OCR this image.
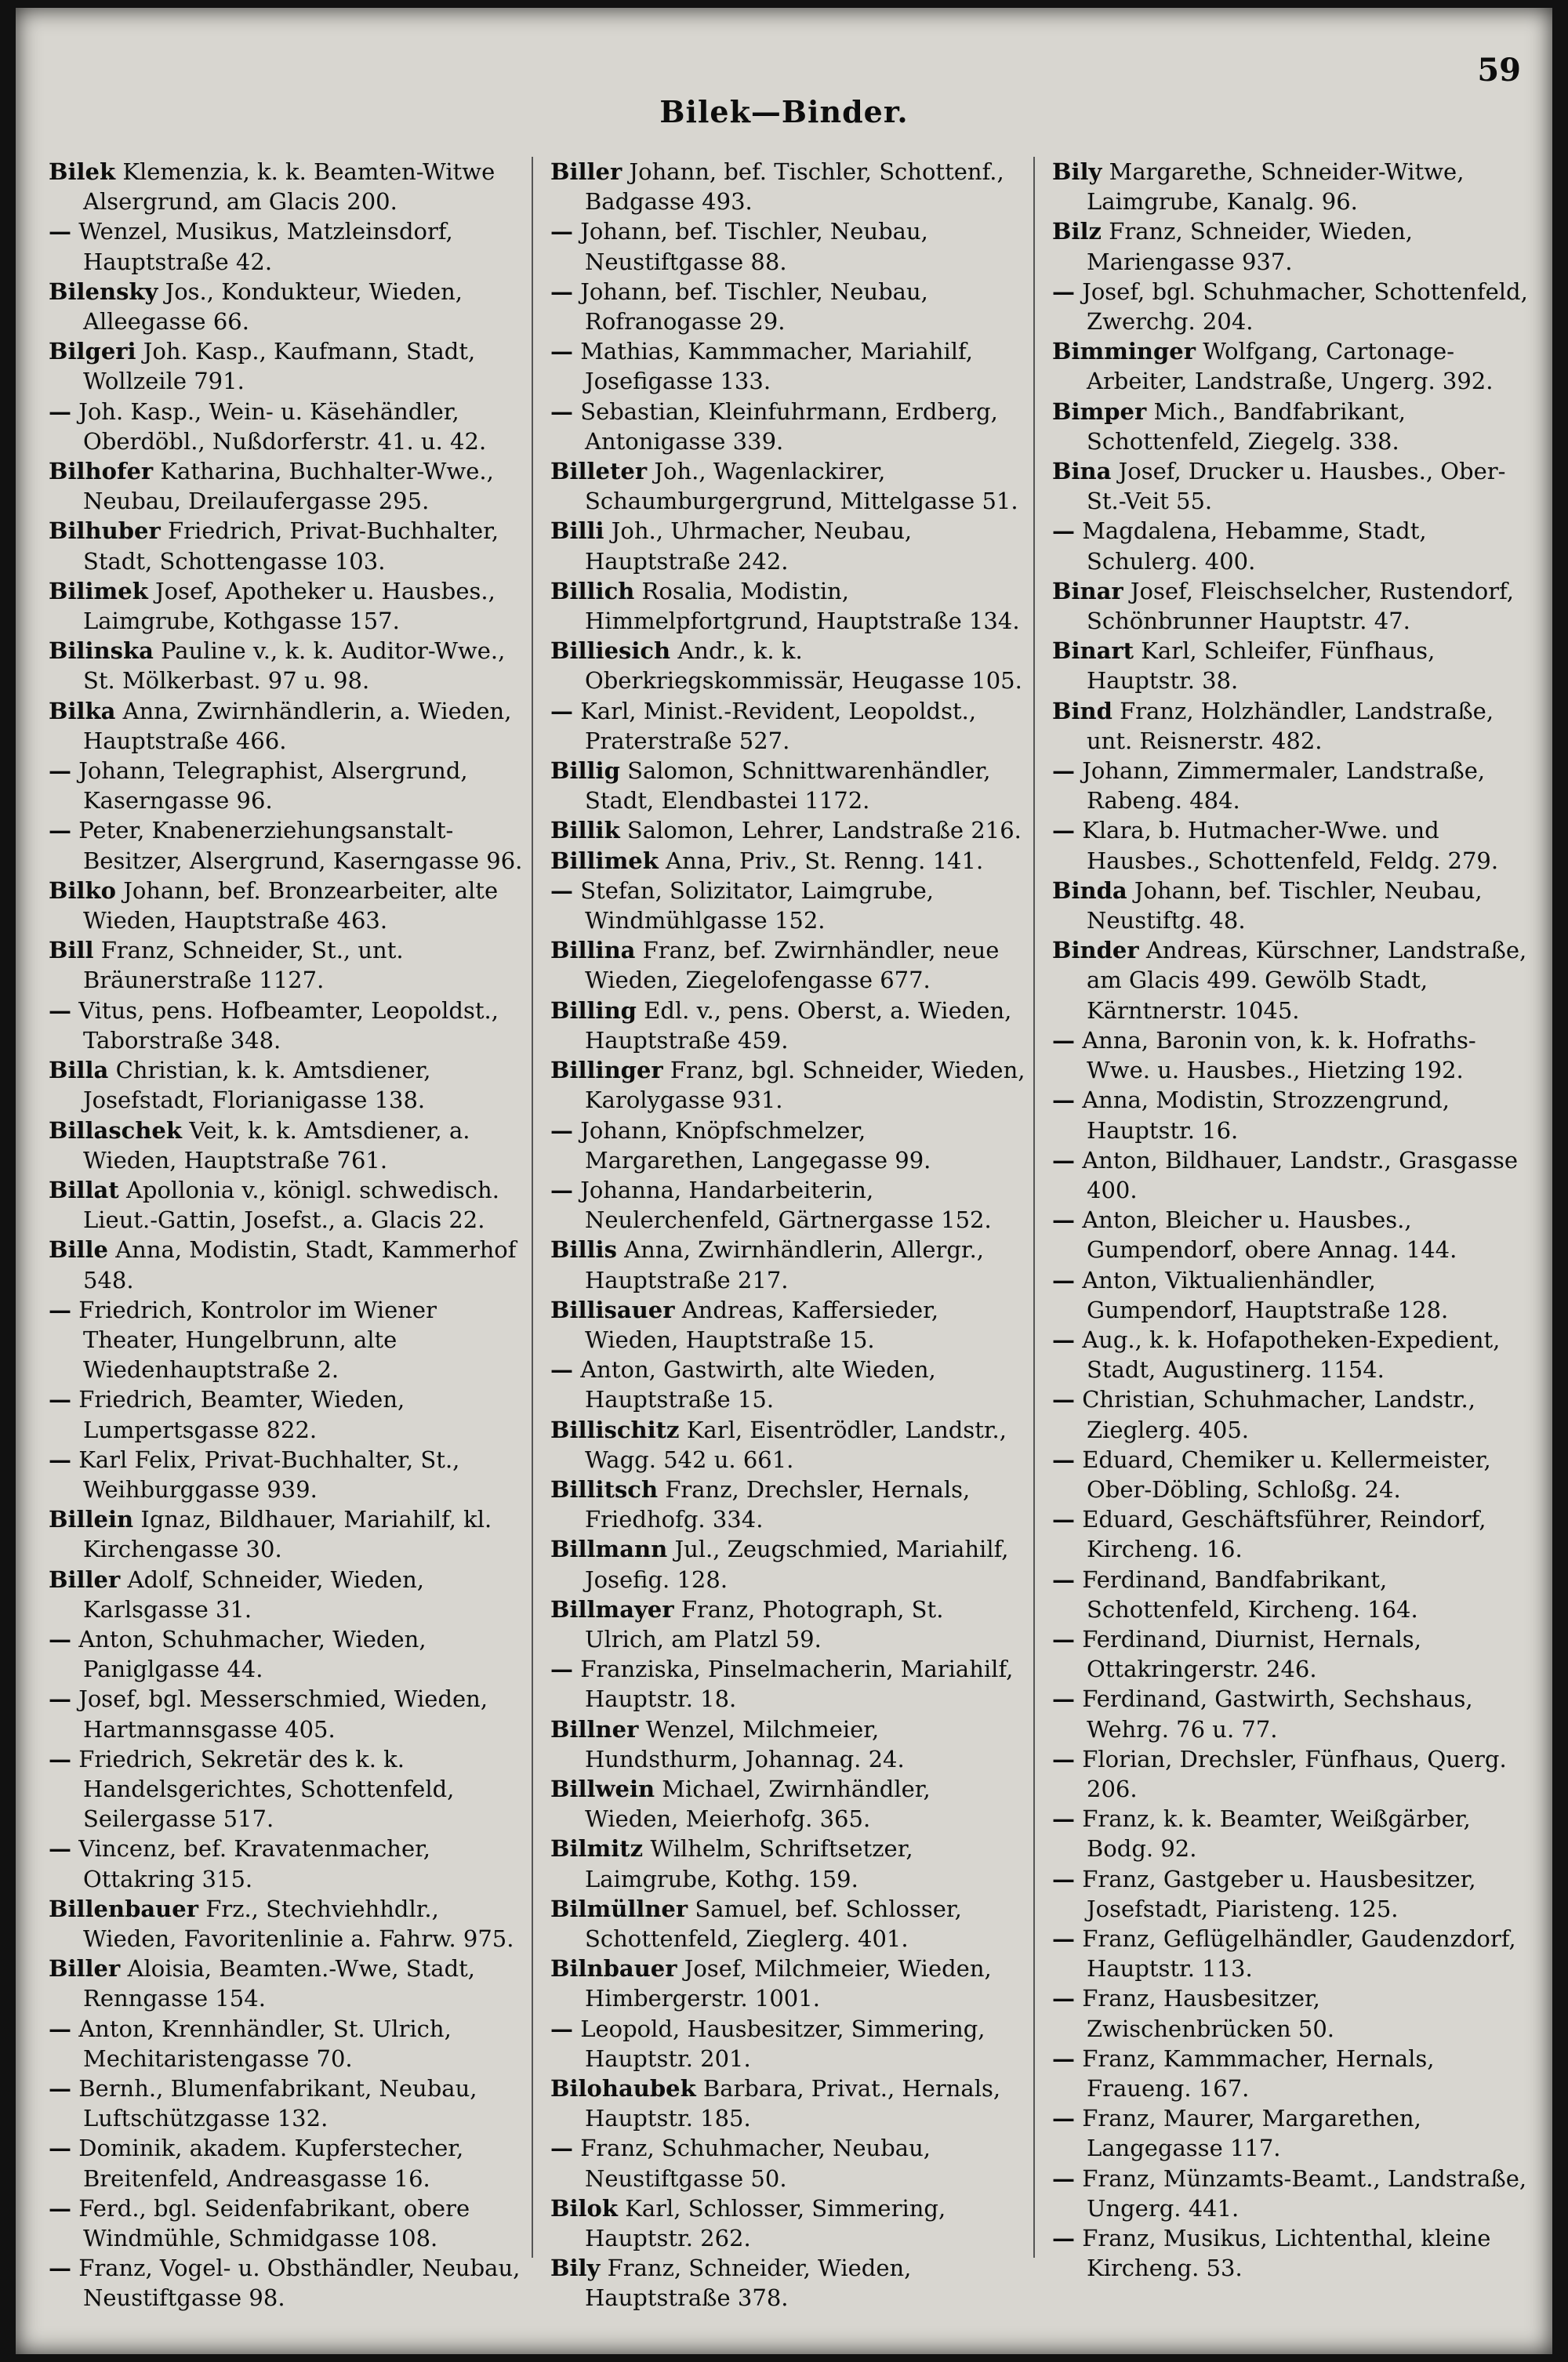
Bilek—Binder.
59

Bilek Klemenzia, k. k. Beamten-Witwe Alsergrund, am Glacis 200.

— Wenzel, Musikus, Matzleinsdorf, Hauptstraße 42.

Bilensky Jos., Kondukteur, Wieden, Alleegasse 66.

Bilgeri Joh. Kasp., Kaufmann, Stadt, Wollzeile 791.

— Joh. Kasp., Wein- u. Käsehändler, Oberdöbl., Nußdorferstr. 41. u. 42.

Bilhofer Katharina, Buchhalter-Wwe., Neubau, Dreilaufergasse 295.

Bilhuber Friedrich, Privat-Buchhalter, Stadt, Schottengasse 103.

Bilimek Josef, Apotheker u. Hausbes., Laimgrube, Kothgasse 157.

Bilinska Pauline v., k. k. Auditor-Wwe., St. Mölkerbast. 97 u. 98.

Bilka Anna, Zwirnhändlerin, a. Wieden, Hauptstraße 466.

— Johann, Telegraphist, Alsergrund, Kaserngasse 96.

— Peter, Knabenerziehungsanstalt-Besitzer, Alsergrund, Kaserngasse 96.

Bilko Johann, bef. Bronzearbeiter, alte Wieden, Hauptstraße 463.

Bill Franz, Schneider, St., unt. Bräunerstraße 1127.

— Vitus, pens. Hofbeamter, Leopoldst., Taborstraße 348.

Billa Christian, k. k. Amtsdiener, Josefstadt, Florianigasse 138.

Billaschek Veit, k. k. Amtsdiener, a. Wieden, Hauptstraße 761.

Billat Apollonia v., königl. schwedisch. Lieut.-Gattin, Josefst., a. Glacis 22.

Bille Anna, Modistin, Stadt, Kammerhof 548.

— Friedrich, Kontrolor im Wiener Theater, Hungelbrunn, alte Wiedenhauptstraße 2.

— Friedrich, Beamter, Wieden, Lumpertsgasse 822.

— Karl Felix, Privat-Buchhalter, St., Weihburggasse 939.

Billein Ignaz, Bildhauer, Mariahilf, kl. Kirchengasse 30.

Biller Adolf, Schneider, Wieden, Karlsgasse 31.

— Anton, Schuhmacher, Wieden, Paniglgasse 44.

— Josef, bgl. Messerschmied, Wieden, Hartmannsgasse 405.

— Friedrich, Sekretär des k. k. Handelsgerichtes, Schottenfeld, Seilergasse 517.

— Vincenz, bef. Kravatenmacher, Ottakring 315.

Billenbauer Frz., Stechviehhdlr., Wieden, Favoritenlinie a. Fahrw. 975.

Biller Aloisia, Beamten.-Wwe, Stadt, Renngasse 154.

— Anton, Krennhändler, St. Ulrich, Mechitaristengasse 70.

— Bernh., Blumenfabrikant, Neubau, Luftschützgasse 132.

— Dominik, akadem. Kupferstecher, Breitenfeld, Andreasgasse 16.

— Ferd., bgl. Seidenfabrikant, obere Windmühle, Schmidgasse 108.

— Franz, Vogel- u. Obsthändler, Neubau, Neustiftgasse 98.

Biller Johann, bef. Tischler, Schottenf., Badgasse 493.

— Johann, bef. Tischler, Neubau, Neustiftgasse 88.

— Johann, bef. Tischler, Neubau, Rofranogasse 29.

— Mathias, Kammmacher, Mariahilf, Josefigasse 133.

— Sebastian, Kleinfuhrmann, Erdberg, Antonigasse 339.

Billeter Joh., Wagenlackirer, Schaumburgergrund, Mittelgasse 51.

Billi Joh., Uhrmacher, Neubau, Hauptstraße 242.

Billich Rosalia, Modistin, Himmelpfortgrund, Hauptstraße 134.

Billiesich Andr., k. k. Oberkriegskommissär, Heugasse 105.

— Karl, Minist.-Revident, Leopoldst., Praterstraße 527.

Billig Salomon, Schnittwarenhändler, Stadt, Elendbastei 1172.

Billik Salomon, Lehrer, Landstraße 216.

Billimek Anna, Priv., St. Renng. 141.

— Stefan, Solizitator, Laimgrube, Windmühlgasse 152.

Billina Franz, bef. Zwirnhändler, neue Wieden, Ziegelofengasse 677.

Billing Edl. v., pens. Oberst, a. Wieden, Hauptstraße 459.

Billinger Franz, bgl. Schneider, Wieden, Karolygasse 931.

— Johann, Knöpfschmelzer, Margarethen, Langegasse 99.

— Johanna, Handarbeiterin, Neulerchenfeld, Gärtnergasse 152.

Billis Anna, Zwirnhändlerin, Allergr., Hauptstraße 217.

Billisauer Andreas, Kaffersieder, Wieden, Hauptstraße 15.

— Anton, Gastwirth, alte Wieden, Hauptstraße 15.

Billischitz Karl, Eisentrödler, Landstr., Wagg. 542 u. 661.

Billitsch Franz, Drechsler, Hernals, Friedhofg. 334.

Billmann Jul., Zeugschmied, Mariahilf, Josefig. 128.

Billmayer Franz, Photograph, St. Ulrich, am Platzl 59.

— Franziska, Pinselmacherin, Mariahilf, Hauptstr. 18.

Billner Wenzel, Milchmeier, Hundsthurm, Johannag. 24.

Billwein Michael, Zwirnhändler, Wieden, Meierhofg. 365.

Bilmitz Wilhelm, Schriftsetzer, Laimgrube, Kothg. 159.

Bilmüllner Samuel, bef. Schlosser, Schottenfeld, Zieglerg. 401.

Bilnbauer Josef, Milchmeier, Wieden, Himbergerstr. 1001.

— Leopold, Hausbesitzer, Simmering, Hauptstr. 201.

Bilohaubek Barbara, Privat., Hernals, Hauptstr. 185.

— Franz, Schuhmacher, Neubau, Neustiftgasse 50.

Bilok Karl, Schlosser, Simmering, Hauptstr. 262.

Bily Franz, Schneider, Wieden, Hauptstraße 378.

Bily Margarethe, Schneider-Witwe, Laimgrube, Kanalg. 96.

Bilz Franz, Schneider, Wieden, Mariengasse 937.

— Josef, bgl. Schuhmacher, Schottenfeld, Zwerchg. 204.

Bimminger Wolfgang, Cartonage-Arbeiter, Landstraße, Ungerg. 392.

Bimper Mich., Bandfabrikant, Schottenfeld, Ziegelg. 338.

Bina Josef, Drucker u. Hausbes., Ober-St.-Veit 55.

— Magdalena, Hebamme, Stadt, Schulerg. 400.

Binar Josef, Fleischselcher, Rustendorf, Schönbrunner Hauptstr. 47.

Binart Karl, Schleifer, Fünfhaus, Hauptstr. 38.

Bind Franz, Holzhändler, Landstraße, unt. Reisnerstr. 482.

— Johann, Zimmermaler, Landstraße, Rabeng. 484.

— Klara, b. Hutmacher-Wwe. und Hausbes., Schottenfeld, Feldg. 279.

Binda Johann, bef. Tischler, Neubau, Neustiftg. 48.

Binder Andreas, Kürschner, Landstraße, am Glacis 499. Gewölb Stadt, Kärntnerstr. 1045.

— Anna, Baronin von, k. k. Hofraths-Wwe. u. Hausbes., Hietzing 192.

— Anna, Modistin, Strozzengrund, Hauptstr. 16.

— Anton, Bildhauer, Landstr., Grasgasse 400.

— Anton, Bleicher u. Hausbes., Gumpendorf, obere Annag. 144.

— Anton, Viktualienhändler, Gumpendorf, Hauptstraße 128.

— Aug., k. k. Hofapotheken-Expedient, Stadt, Augustinerg. 1154.

— Christian, Schuhmacher, Landstr., Zieglerg. 405.

— Eduard, Chemiker u. Kellermeister, Ober-Döbling, Schloßg. 24.

— Eduard, Geschäftsführer, Reindorf, Kircheng. 16.

— Ferdinand, Bandfabrikant, Schottenfeld, Kircheng. 164.

— Ferdinand, Diurnist, Hernals, Ottakringerstr. 246.

— Ferdinand, Gastwirth, Sechshaus, Wehrg. 76 u. 77.

— Florian, Drechsler, Fünfhaus, Querg. 206.

— Franz, k. k. Beamter, Weißgärber, Bodg. 92.

— Franz, Gastgeber u. Hausbesitzer, Josefstadt, Piaristeng. 125.

— Franz, Geflügelhändler, Gaudenzdorf, Hauptstr. 113.

— Franz, Hausbesitzer, Zwischenbrücken 50.

— Franz, Kammmacher, Hernals, Fraueng. 167.

— Franz, Maurer, Margarethen, Langegasse 117.

— Franz, Münzamts-Beamt., Landstraße, Ungerg. 441.

— Franz, Musikus, Lichtenthal, kleine Kircheng. 53.
